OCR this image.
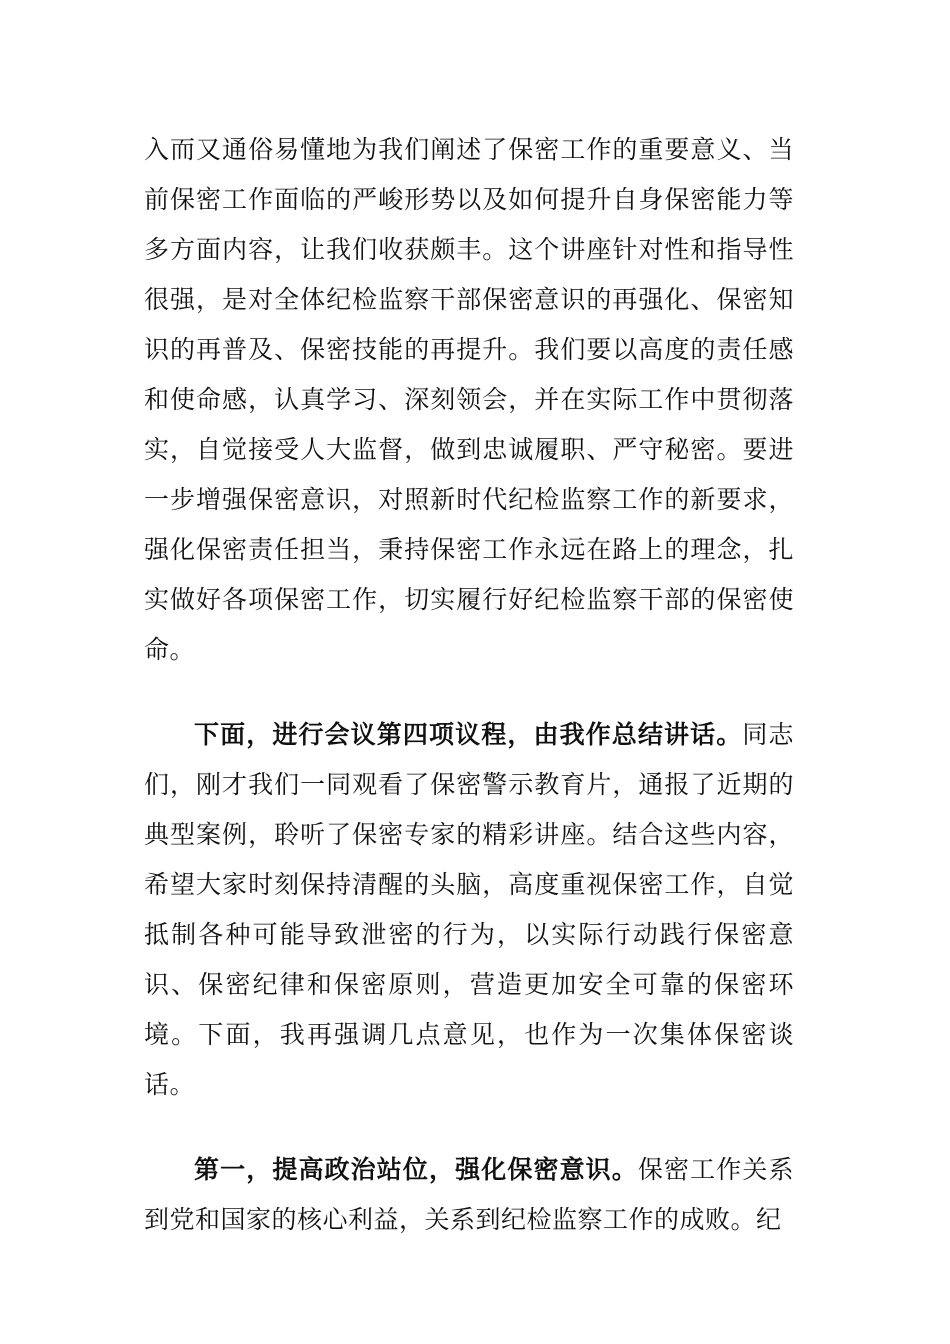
入而又通俗易懂地为我们阐述了保密工作的重要意义、当前保密工作面临的严峻形势以及如何提升自身保密能力等多方面内容，让我们收获颇丰。这个讲座针对性和指导性很强，是对全体纪检监察干部保密意识的再强化、保密知识的再普及、保密技能的再提升。我们要以高度的责任感和使命感，认真学习、深刻领会，并在实际工作中贯彻落实，自觉接受人大监督，做到忠诚履职、严守秘密。要进一步增强保密意识，对照新时代纪检监察工作的新要求，强化保密责任担当，秉持保密工作永远在路上的理念，扎实做好各项保密工作，切实履行好纪检监察干部的保密使命。

下面，进行会议第四项议程，由我作总结讲话。同志们，刚才我们一同观看了保密警示教育片，通报了近期的典型案例，聆听了保密专家的精彩讲座。结合这些内容，希望大家时刻保持清醒的头脑，高度重视保密工作，自觉抵制各种可能导致泄密的行为，以实际行动践行保密意识、保密纪律和保密原则，营造更加安全可靠的保密环境。下面，我再强调几点意见，也作为一次集体保密谈话。

第一，提高政治站位，强化保密意识。保密工作关系到党和国家的核心利益，关系到纪检监察工作的成败。纪
